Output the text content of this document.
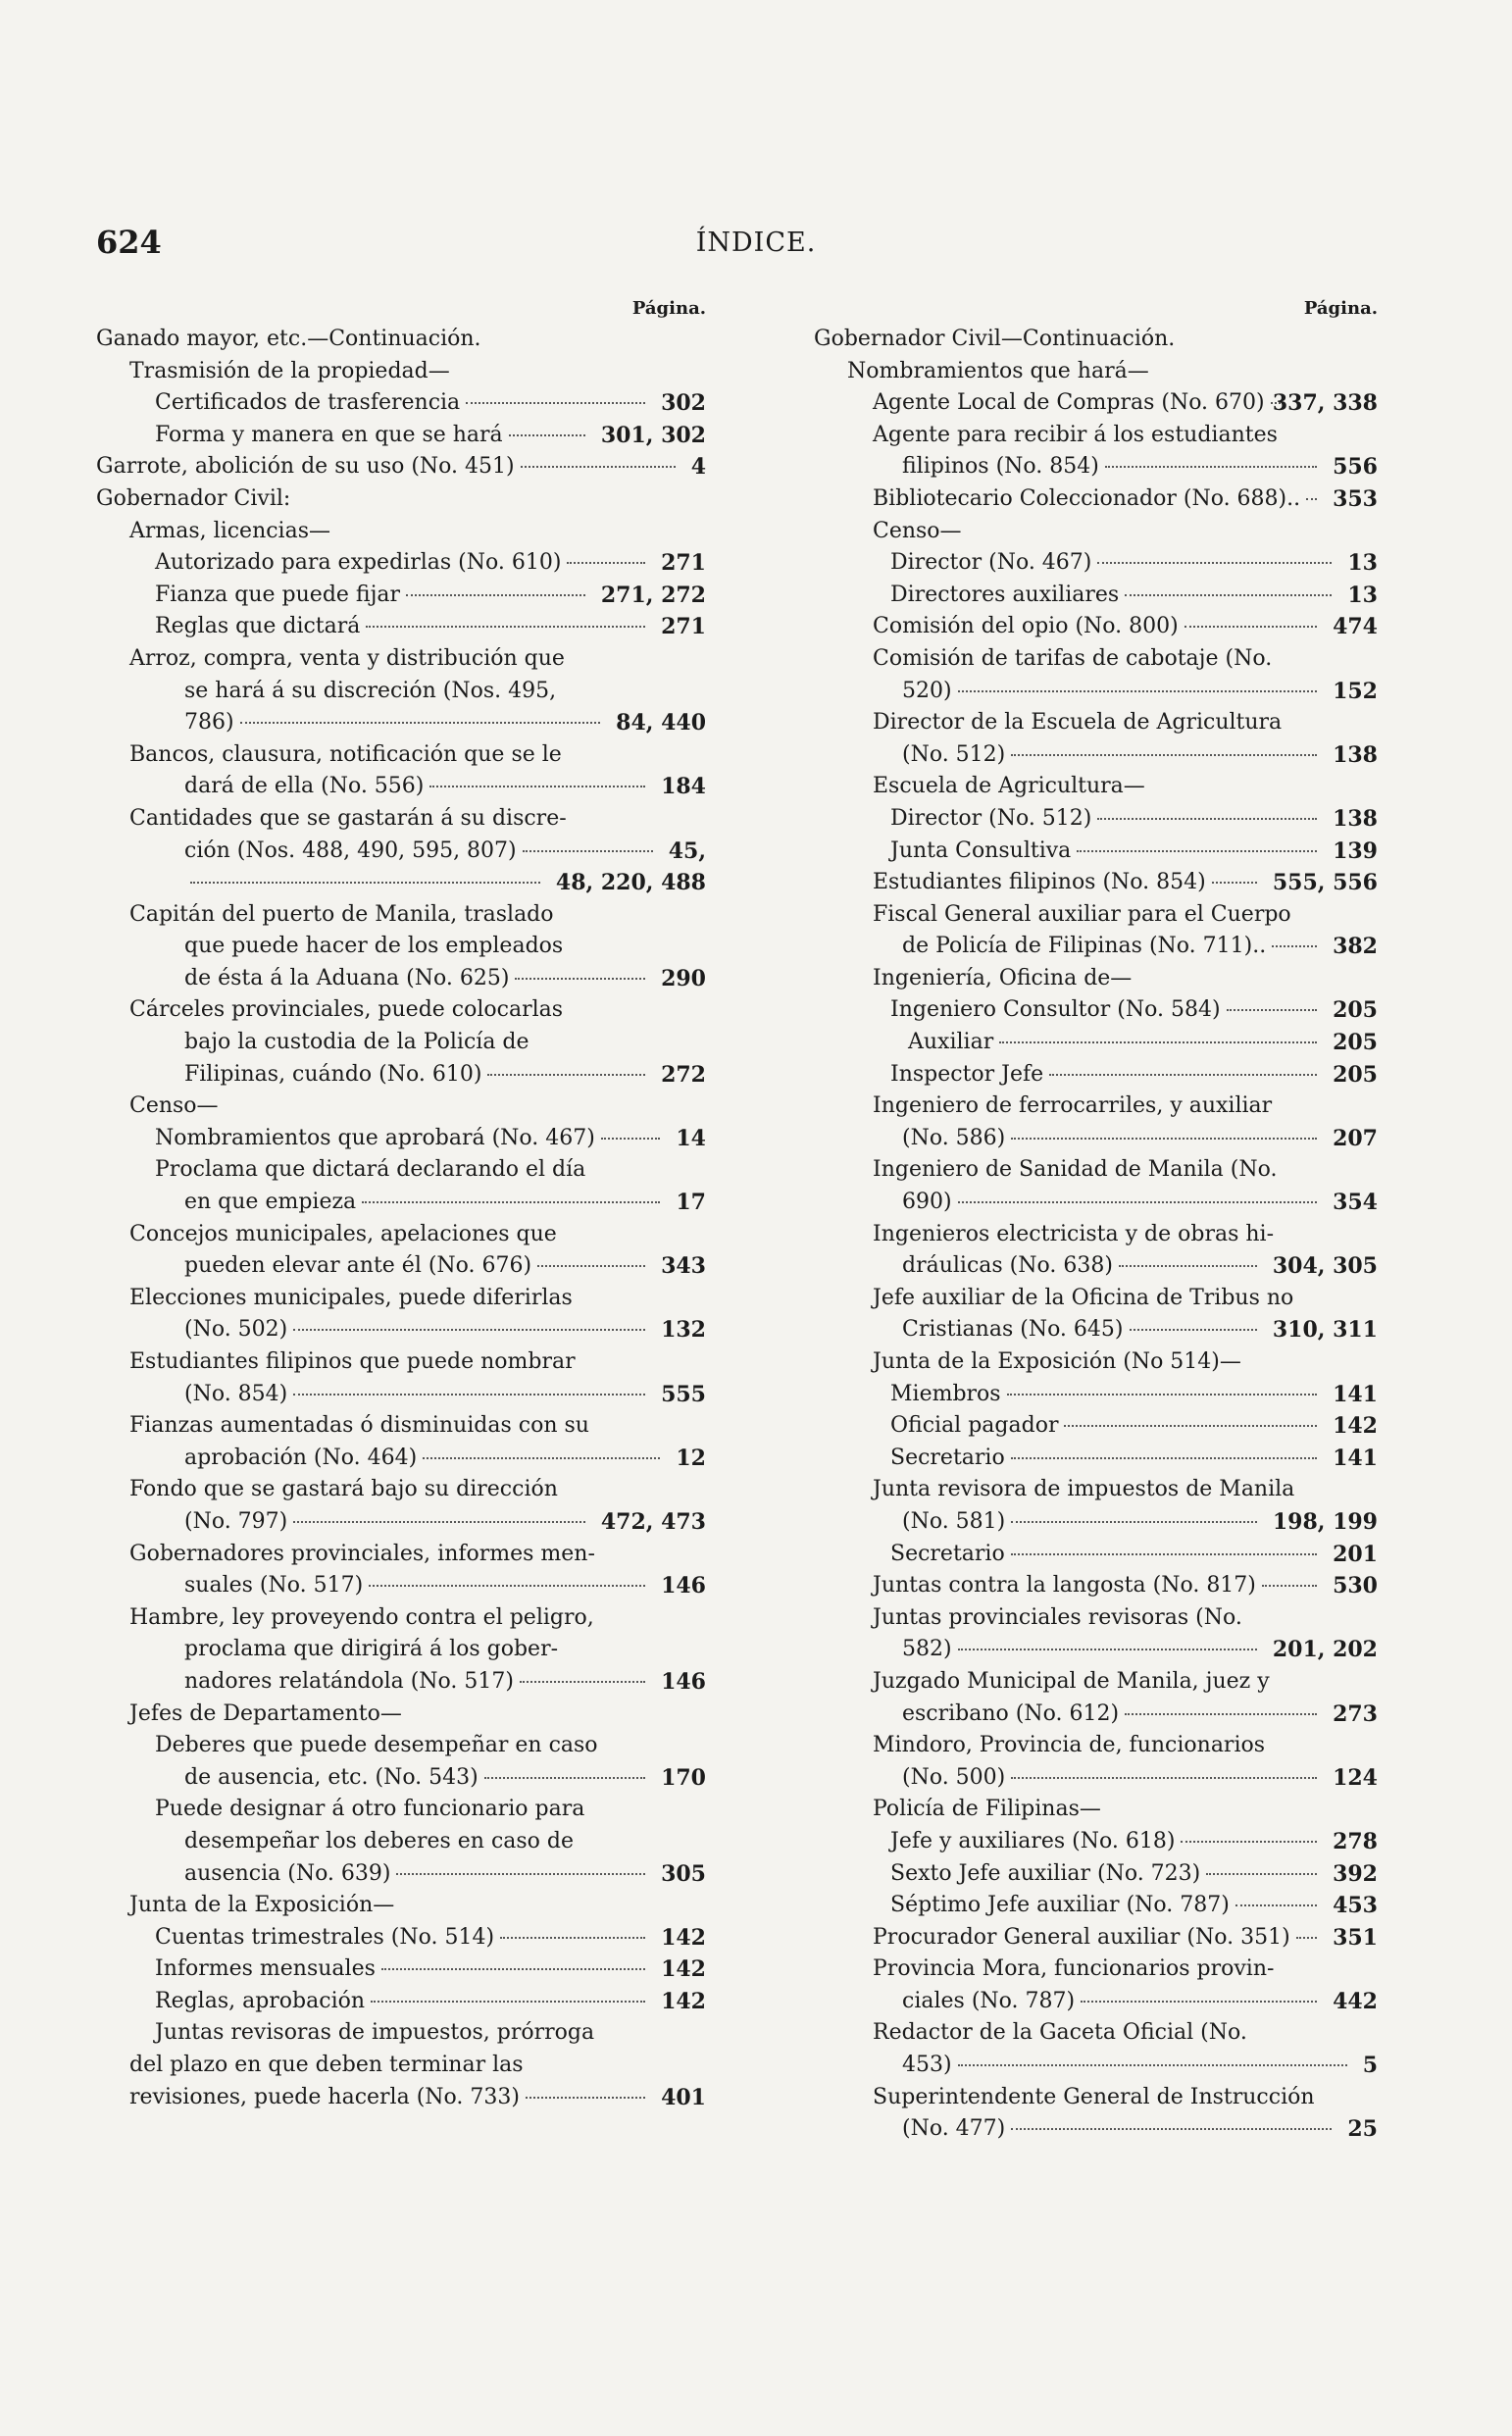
624	ÍNDICE.
Página.
Ganado mayor, etc.—Continuación.
Trasmisión de la propiedad—
Certificados de trasferencia	302
Forma y manera en que se hará	301, 302
Garrote, abolición de su uso (No. 451)	4
Gobernador Civil:
Armas, licencias—
Autorizado para expedirlas (No. 610)	271
Fianza que puede fijar	271, 272
Reglas que dictará	271
Arroz, compra, venta y distribución que
se hará á su discreción (Nos. 495,
786)	84, 440
Bancos, clausura, notificación que se le
dará de ella (No. 556)	184
Cantidades que se gastarán á su discre-
ción (Nos. 488, 490, 595, 807)	45,
48, 220, 488
Capitán del puerto de Manila, traslado
que puede hacer de los empleados
de ésta á la Aduana (No. 625)	290
Cárceles provinciales, puede colocarlas
bajo la custodia de la Policía de
Filipinas, cuándo (No. 610)	272
Censo—
Nombramientos que aprobará (No. 467)	14
Proclama que dictará declarando el día
en que empieza	17
Concejos municipales, apelaciones que
pueden elevar ante él (No. 676)	343
Elecciones municipales, puede diferirlas
(No. 502)	132
Estudiantes filipinos que puede nombrar
(No. 854)	555
Fianzas aumentadas ó disminuidas con su
aprobación (No. 464)	12
Fondo que se gastará bajo su dirección
(No. 797)	472, 473
Gobernadores provinciales, informes men-
suales (No. 517)	146
Hambre, ley proveyendo contra el peligro,
proclama que dirigirá á los gober-
nadores relatándola (No. 517)	146
Jefes de Departamento—
Deberes que puede desempeñar en caso
de ausencia, etc. (No. 543)	170
Puede designar á otro funcionario para
desempeñar los deberes en caso de
ausencia (No. 639)	305
Junta de la Exposición—
Cuentas trimestrales (No. 514)	142
Informes mensuales	142
Reglas, aprobación	142
Juntas revisoras de impuestos, prórroga
del plazo en que deben terminar las
revisiones, puede hacerla (No. 733)	401
Página.
Gobernador Civil—Continuación.
Nombramientos que hará—
Agente Local de Compras (No. 670) 337, 338
Agente para recibir á los estudiantes
filipinos (No. 854)	556
Bibliotecario Coleccionador (No. 688).. 353
Censo—
Director (No. 467)	13
Directores auxiliares	13
Comisión del opio (No. 800)	474
Comisión de tarifas de cabotaje (No.
520)	152
Director de la Escuela de Agricultura
(No. 512)	138
Escuela de Agricultura—
Director (No. 512)	138
Junta Consultiva	139
Estudiantes filipinos (No. 854)	555, 556
Fiscal General auxiliar para el Cuerpo
de Policía de Filipinas (No. 711)..	382
Ingeniería, Oficina de—
Ingeniero Consultor (No. 584)	205
Auxiliar	205
Inspector Jefe	205
Ingeniero de ferrocarriles, y auxiliar
(No. 586)	207
Ingeniero de Sanidad de Manila (No.
690)	354
Ingenieros electricista y de obras hi-
dráulicas (No. 638)	304, 305
Jefe auxiliar de la Oficina de Tribus no
Cristianas (No. 645)	310, 311
Junta de la Exposición (No 514)—
Miembros	141
Oficial pagador	142
Secretario	141
Junta revisora de impuestos de Manila
(No. 581)	198, 199
Secretario	201
Juntas contra la langosta (No. 817)	530
Juntas provinciales revisoras (No.
582)	201, 202
Juzgado Municipal de Manila, juez y
escribano (No. 612)	273
Mindoro, Provincia de, funcionarios
(No. 500)	124
Policía de Filipinas—
Jefe y auxiliares (No. 618)	278
Sexto Jefe auxiliar (No. 723)	392
Séptimo Jefe auxiliar (No. 787)	453
Procurador General auxiliar (No. 351) 351
Provincia Mora, funcionarios provin-
ciales (No. 787)	442
Redactor de la Gaceta Oficial (No.
453)	5
Superintendente General de Instrucción
(No. 477)	25
